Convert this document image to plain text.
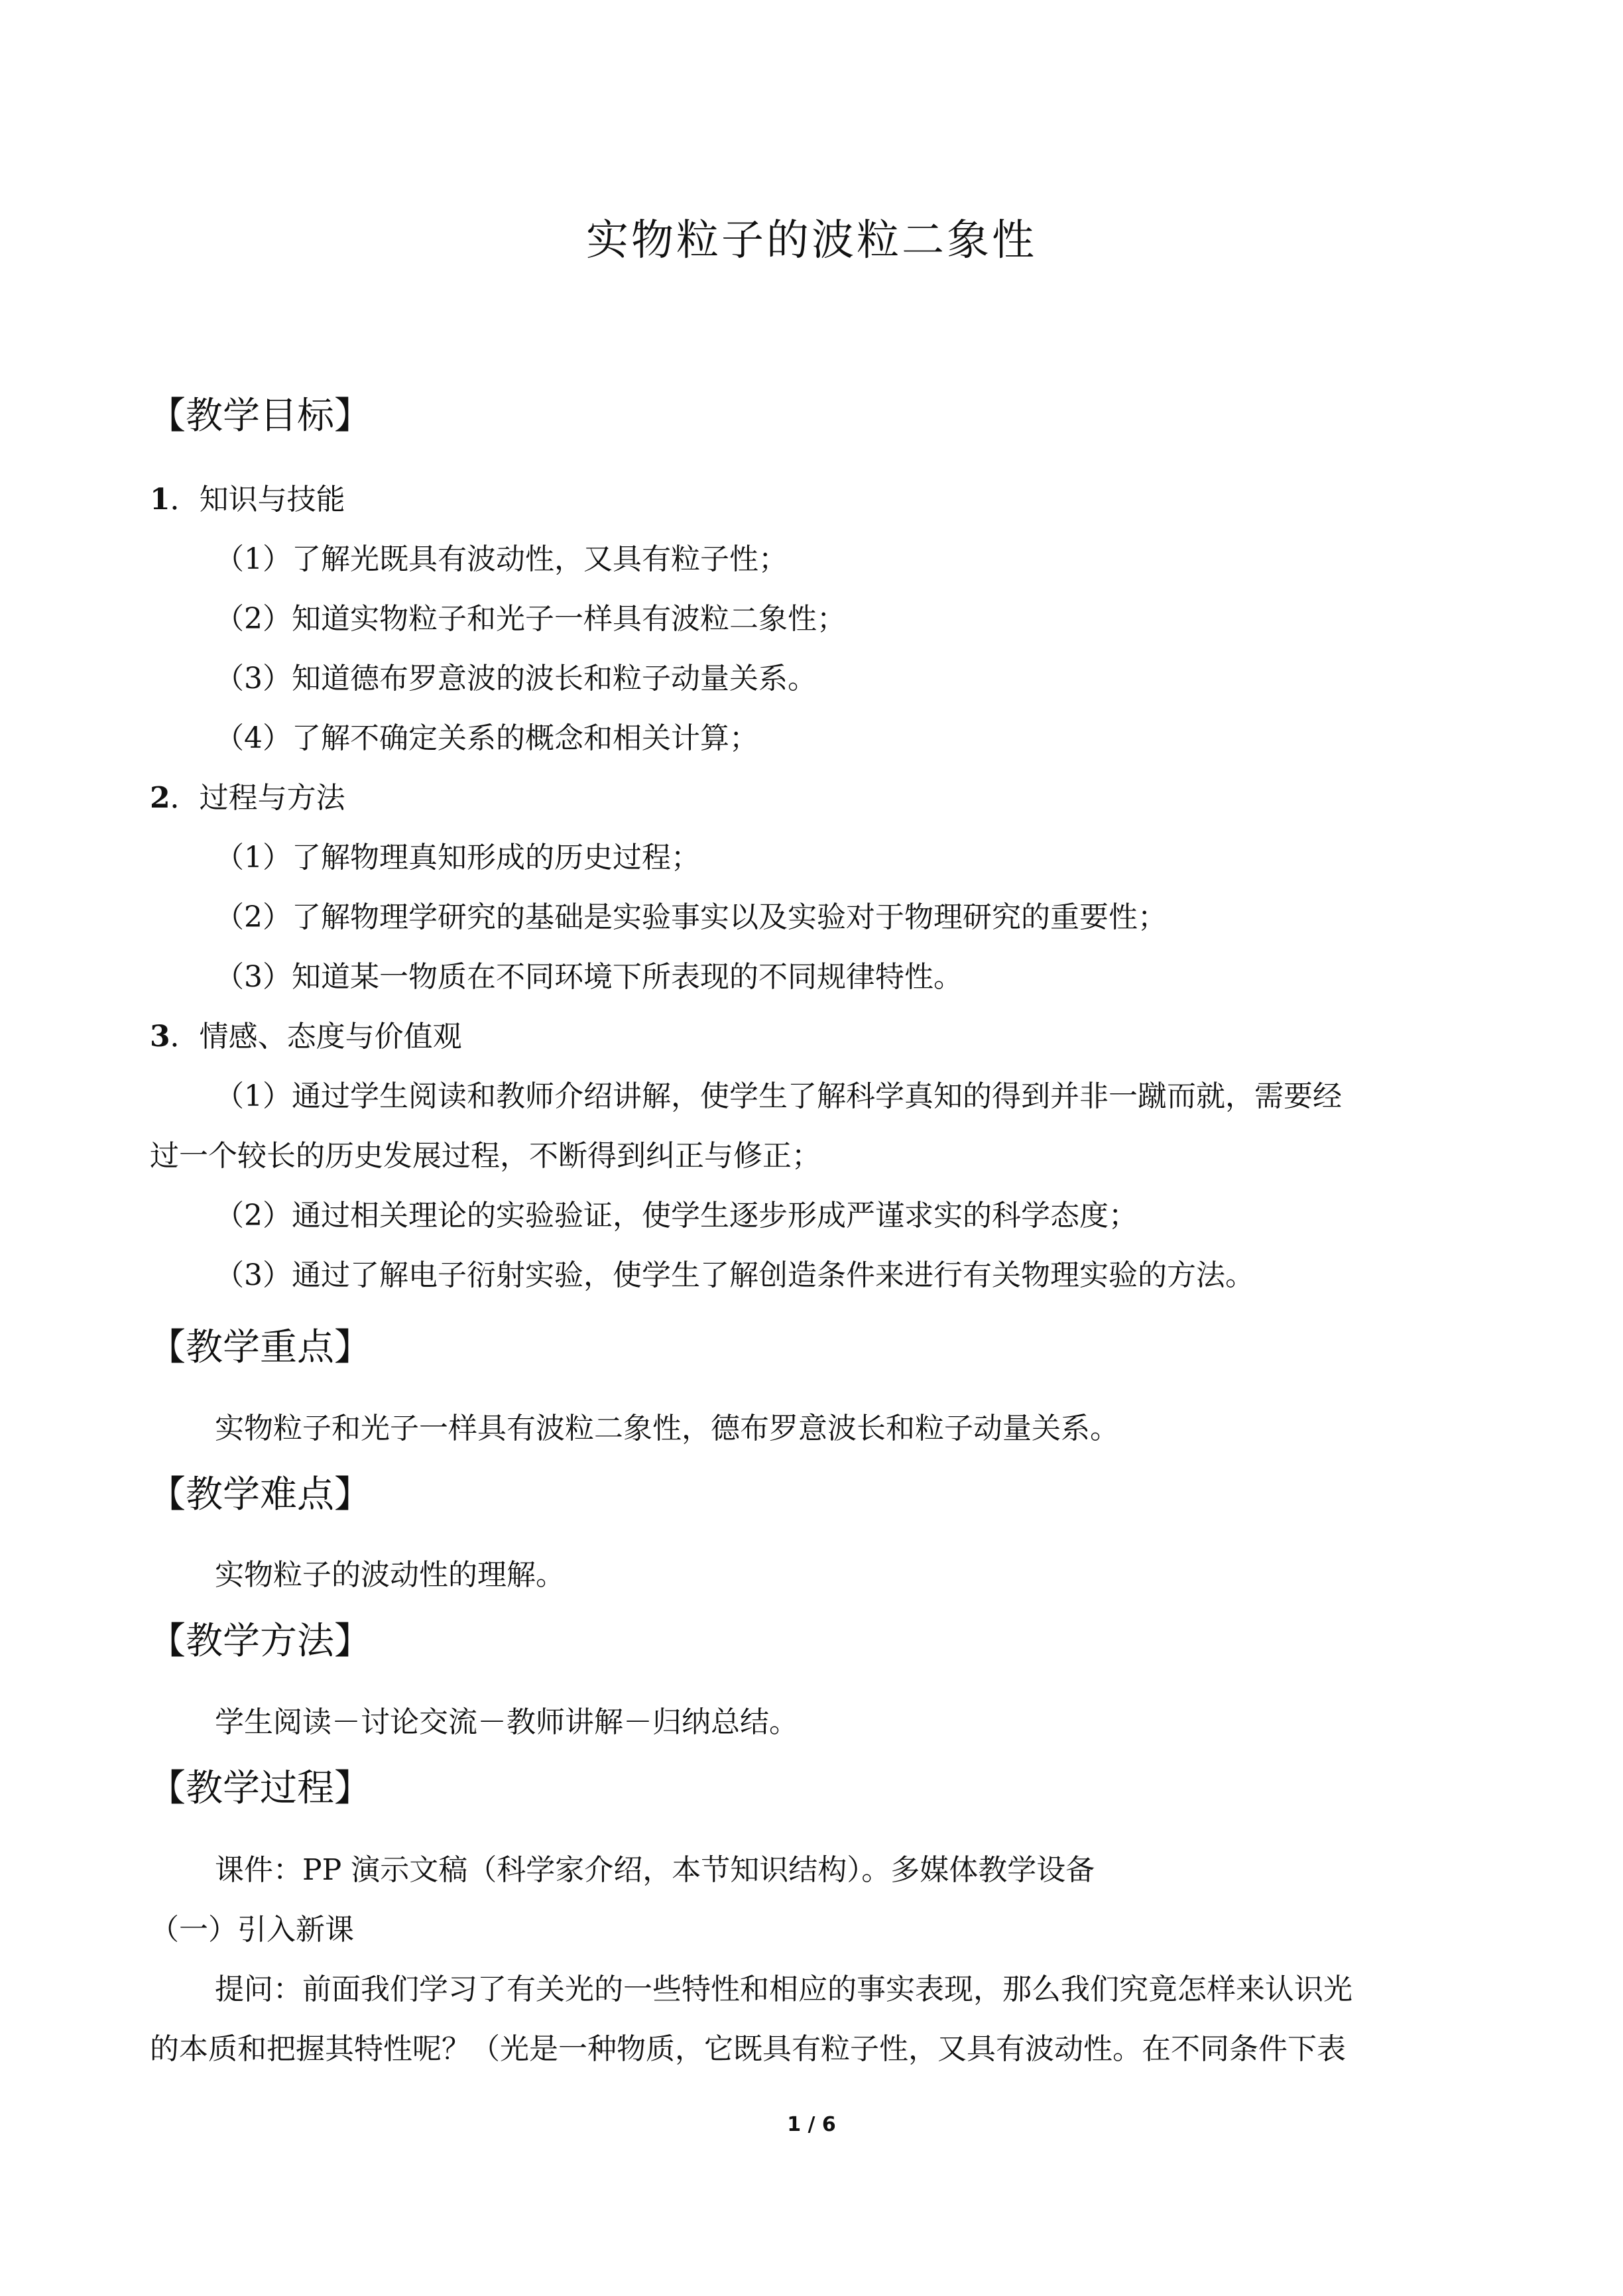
实物粒子的波粒二象性
【教学目标】

1．知识与技能

（1）了解光既具有波动性，又具有粒子性；

（2）知道实物粒子和光子一样具有波粒二象性；

（3）知道德布罗意波的波长和粒子动量关系。

（4）了解不确定关系的概念和相关计算；

2．过程与方法

（1）了解物理真知形成的历史过程；

（2）了解物理学研究的基础是实验事实以及实验对于物理研究的重要性；

（3）知道某一物质在不同环境下所表现的不同规律特性。

3．情感、态度与价值观

（1）通过学生阅读和教师介绍讲解，使学生了解科学真知的得到并非一蹴而就，需要经

过一个较长的历史发展过程，不断得到纠正与修正；

（2）通过相关理论的实验验证，使学生逐步形成严谨求实的科学态度；

（3）通过了解电子衍射实验，使学生了解创造条件来进行有关物理实验的方法。

【教学重点】

实物粒子和光子一样具有波粒二象性，德布罗意波长和粒子动量关系。

【教学难点】

实物粒子的波动性的理解。

【教学方法】

学生阅读－讨论交流－教师讲解－归纳总结。

【教学过程】

课件：PP 演示文稿（科学家介绍，本节知识结构）。多媒体教学设备

（一）引入新课

提问：前面我们学习了有关光的一些特性和相应的事实表现，那么我们究竟怎样来认识光

的本质和把握其特性呢？（光是一种物质，它既具有粒子性，又具有波动性。在不同条件下表

1 / 6
